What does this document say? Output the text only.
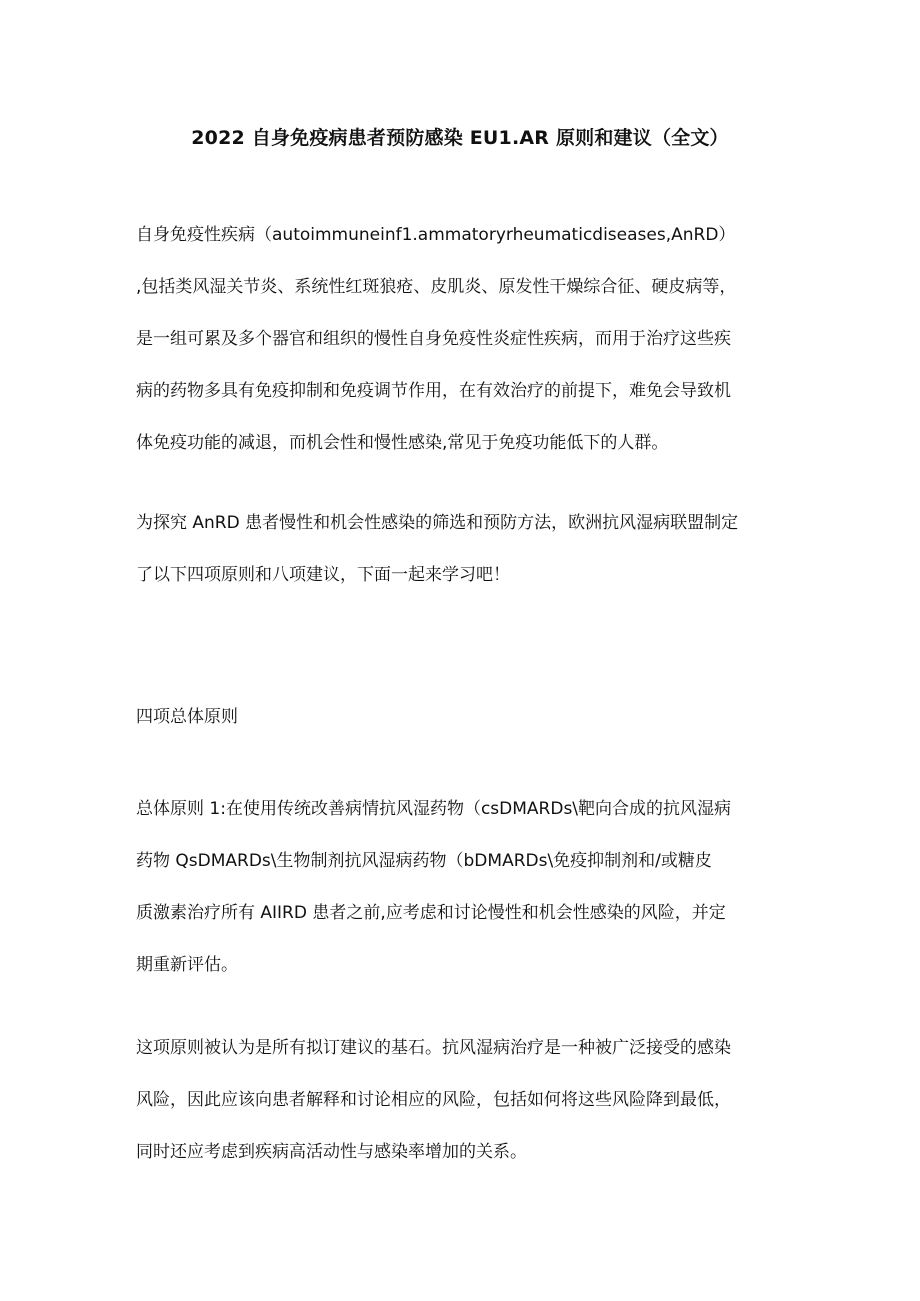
2022 自身免疫病患者预防感染 EU1.AR 原则和建议（全文）
自身免疫性疾病（autoimmuneinf1.ammatoryrheumaticdiseases,AnRD）
,包括类风湿关节炎、系统性红斑狼疮、皮肌炎、原发性干燥综合征、硬皮病等，
是一组可累及多个器官和组织的慢性自身免疫性炎症性疾病，而用于治疗这些疾
病的药物多具有免疫抑制和免疫调节作用，在有效治疗的前提下，难免会导致机
体免疫功能的减退，而机会性和慢性感染,常见于免疫功能低下的人群。
为探究 AnRD 患者慢性和机会性感染的筛选和预防方法，欧洲抗风湿病联盟制定
了以下四项原则和八项建议，下面一起来学习吧！
四项总体原则
总体原则 1:在使用传统改善病情抗风湿药物（csDMARDs\靶向合成的抗风湿病
药物 QsDMARDs\生物制剂抗风湿病药物（bDMARDs\免疫抑制剂和/或糖皮
质激素治疗所有 AIIRD 患者之前,应考虑和讨论慢性和机会性感染的风险，并定
期重新评估。
这项原则被认为是所有拟订建议的基石。抗风湿病治疗是一种被广泛接受的感染
风险，因此应该向患者解释和讨论相应的风险，包括如何将这些风险降到最低，
同时还应考虑到疾病高活动性与感染率增加的关系。
